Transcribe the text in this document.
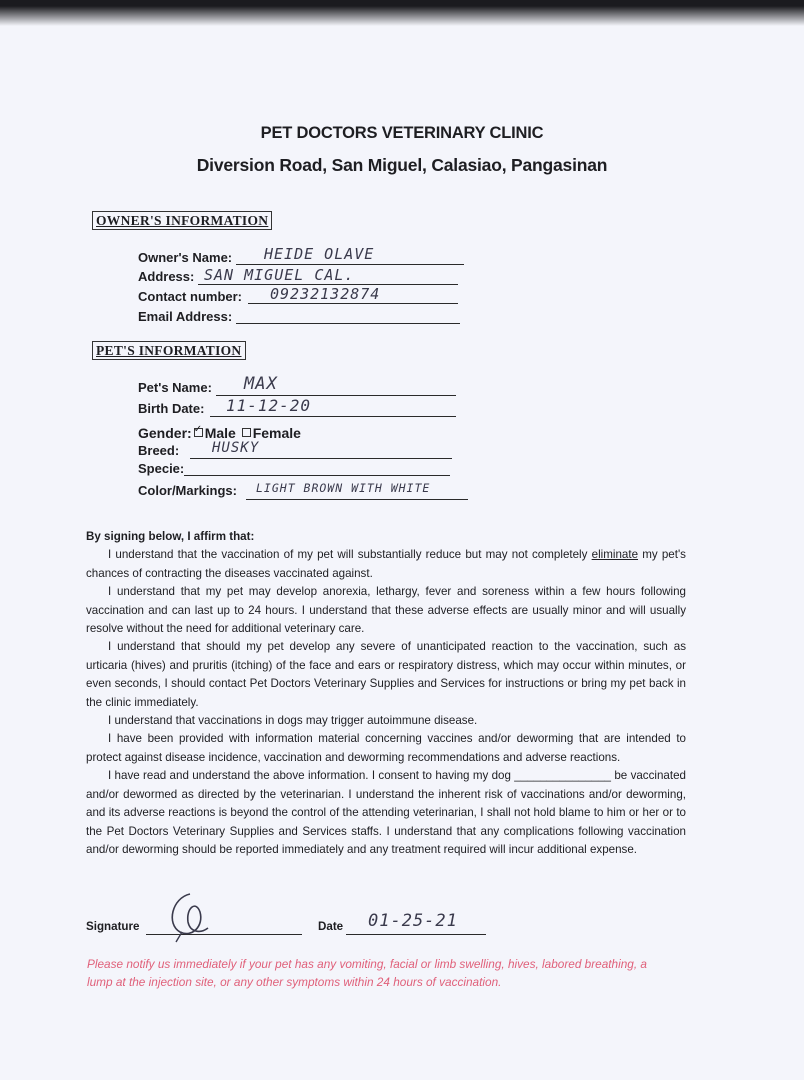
PET DOCTORS VETERINARY CLINIC
Diversion Road, San Miguel, Calasiao, Pangasinan
OWNER'S INFORMATION
Owner's Name: HEIDE OLAVE
Address: SAN MIGUEL CAL.
Contact number: 09232132874
Email Address:
PET'S INFORMATION
Pet's Name: MAX
Birth Date: 11-12-20
Gender: ✓ Male Female
Breed: HUSKY
Specie:
Color/Markings: LIGHT BROWN WITH WHITE

By signing below, I affirm that:

I understand that the vaccination of my pet will substantially reduce but may not completely eliminate my pet's chances of contracting the diseases vaccinated against.

I understand that my pet may develop anorexia, lethargy, fever and soreness within a few hours following vaccination and can last up to 24 hours. I understand that these adverse effects are usually minor and will usually resolve without the need for additional veterinary care.

I understand that should my pet develop any severe of unanticipated reaction to the vaccination, such as urticaria (hives) and pruritis (itching) of the face and ears or respiratory distress, which may occur within minutes, or even seconds, I should contact Pet Doctors Veterinary Supplies and Services for instructions or bring my pet back in the clinic immediately.

I understand that vaccinations in dogs may trigger autoimmune disease.

I have been provided with information material concerning vaccines and/or deworming that are intended to protect against disease incidence, vaccination and deworming recommendations and adverse reactions.

I have read and understand the above information. I consent to having my dog _______________ be vaccinated and/or dewormed as directed by the veterinarian. I understand the inherent risk of vaccinations and/or deworming, and its adverse reactions is beyond the control of the attending veterinarian, I shall not hold blame to him or her or to the Pet Doctors Veterinary Supplies and Services staffs. I understand that any complications following vaccination and/or deworming should be reported immediately and any treatment required will incur additional expense.

Signature	Date 01-25-21
Please notify us immediately if your pet has any vomiting, facial or limb swelling, hives, labored breathing, a lump at the injection site, or any other symptoms within 24 hours of vaccination.
